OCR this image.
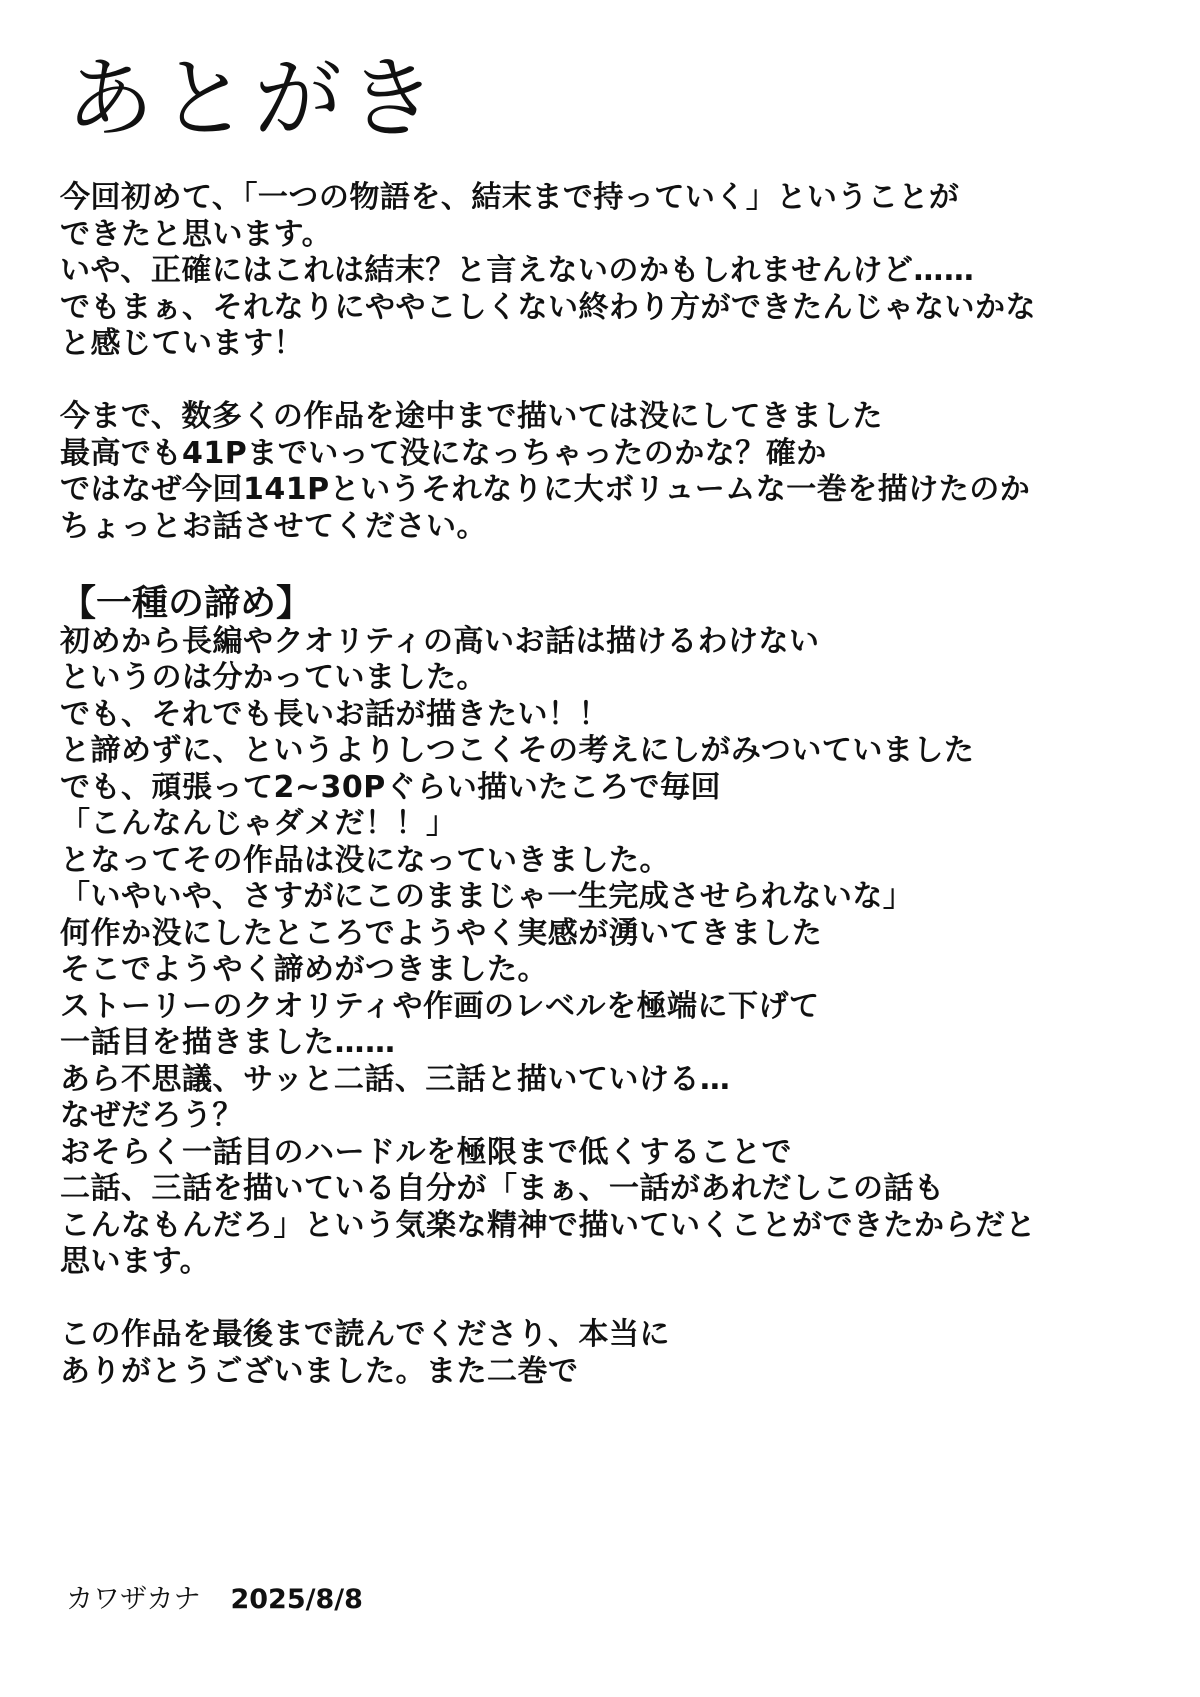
あとがき
今回初めて、「一つの物語を、結末まで持っていく」ということが
できたと思います。
いや、正確にはこれは結末？と言えないのかもしれませんけど……
でもまぁ、それなりにややこしくない終わり方ができたんじゃないかな
と感じています！
今まで、数多くの作品を途中まで描いては没にしてきました
最高でも41Pまでいって没になっちゃったのかな？確か
ではなぜ今回141Pというそれなりに大ボリュームな一巻を描けたのか
ちょっとお話させてください。
【一種の諦め】
初めから長編やクオリティの高いお話は描けるわけない
というのは分かっていました。
でも、それでも長いお話が描きたい！！
と諦めずに、というよりしつこくその考えにしがみついていました
でも、頑張って2~30Pぐらい描いたころで毎回
「こんなんじゃダメだ！！」
となってその作品は没になっていきました。
「いやいや、さすがにこのままじゃ一生完成させられないな」
何作か没にしたところでようやく実感が湧いてきました
そこでようやく諦めがつきました。
ストーリーのクオリティや作画のレベルを極端に下げて
一話目を描きました……
あら不思議、サッと二話、三話と描いていける…
なぜだろう？
おそらく一話目のハードルを極限まで低くすることで
二話、三話を描いている自分が「まぁ、一話があれだしこの話も
こんなもんだろ」という気楽な精神で描いていくことができたからだと
思います。
この作品を最後まで読んでくださり、本当に
ありがとうございました。また二巻で
カワザカナ 2025/8/8
